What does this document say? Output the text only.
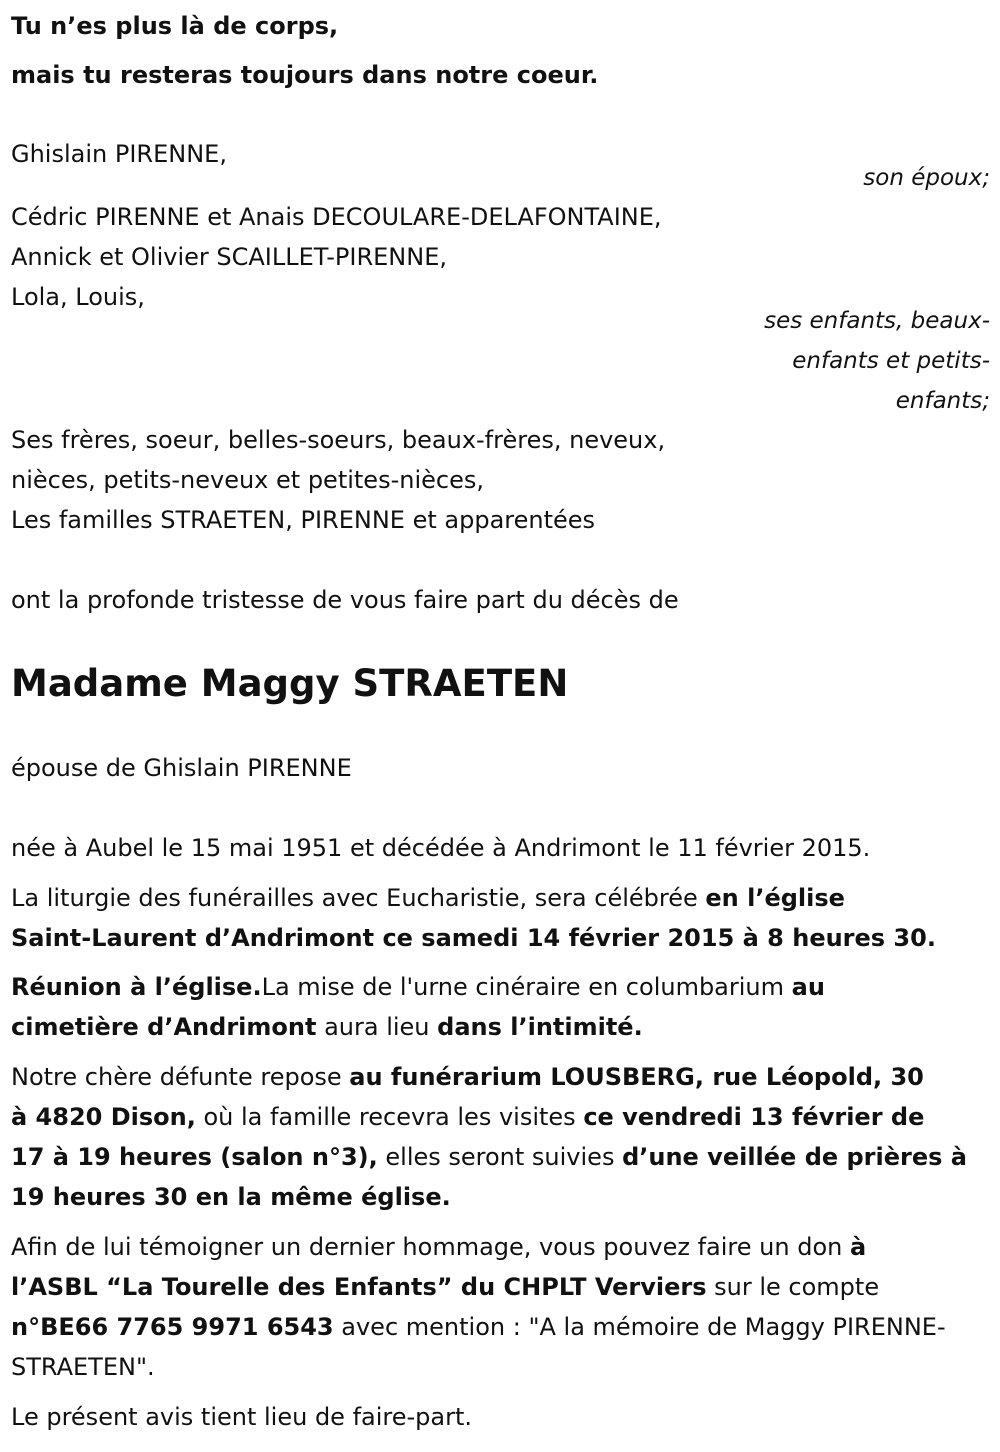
Tu n’es plus là de corps,

mais tu resteras toujours dans notre coeur.

Ghislain PIRENNE,

son époux;

Cédric PIRENNE et Anais DECOULARE-DELAFONTAINE,

Annick et Olivier SCAILLET-PIRENNE,

Lola, Louis,

ses enfants, beaux-

enfants et petits-

enfants;

Ses frères, soeur, belles-soeurs, beaux-frères, neveux,

nièces, petits-neveux et petites-nièces,

Les familles STRAETEN, PIRENNE et apparentées

ont la profonde tristesse de vous faire part du décès de

Madame Maggy STRAETEN

épouse de Ghislain PIRENNE

née à Aubel le 15 mai 1951 et décédée à Andrimont le 11 février 2015.

La liturgie des funérailles avec Eucharistie, sera célébrée en l’église

Saint-Laurent d’Andrimont ce samedi 14 février 2015 à 8 heures 30.

Réunion à l’église.La mise de l'urne cinéraire en columbarium au

cimetière d’Andrimont aura lieu dans l’intimité.

Notre chère défunte repose au funérarium LOUSBERG, rue Léopold, 30

à 4820 Dison, où la famille recevra les visites ce vendredi 13 février de

17 à 19 heures (salon n°3), elles seront suivies d’une veillée de prières à

19 heures 30 en la même église.

Afin de lui témoigner un dernier hommage, vous pouvez faire un don à

l’ASBL “La Tourelle des Enfants” du CHPLT Verviers sur le compte

n°BE66 7765 9971 6543 avec mention : "A la mémoire de Maggy PIRENNE-

STRAETEN".

Le présent avis tient lieu de faire-part.
